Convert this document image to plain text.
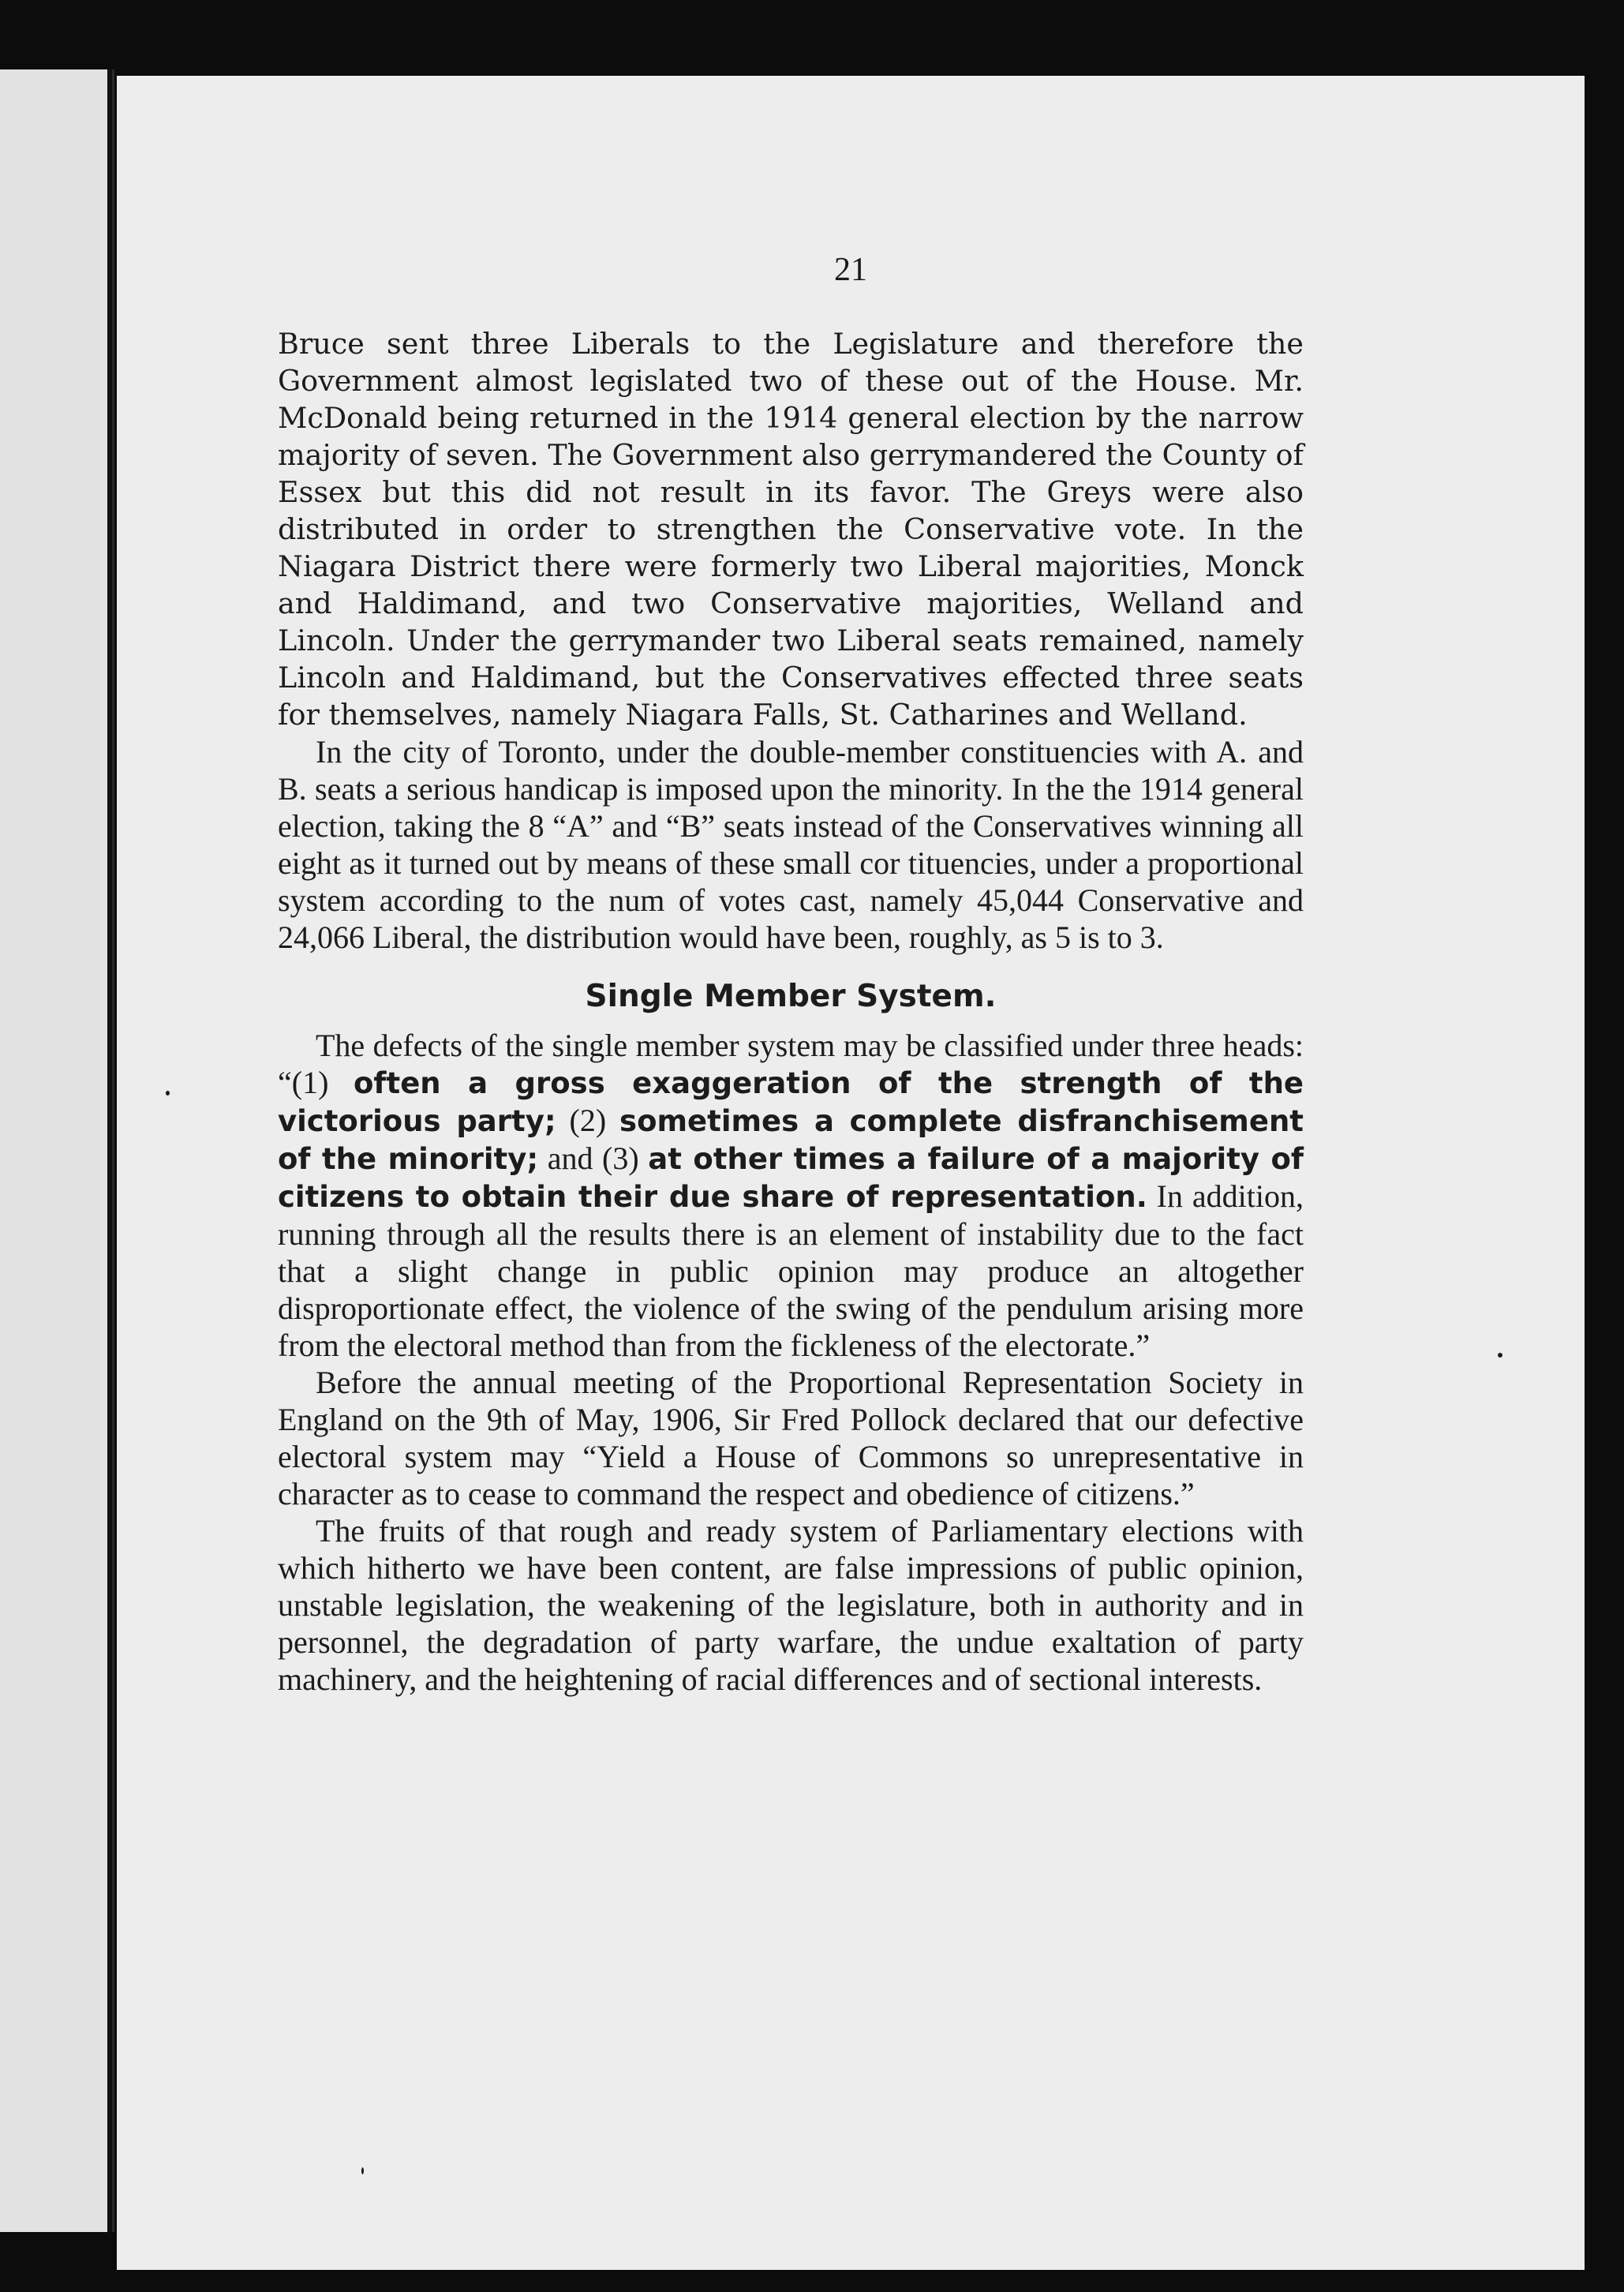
21

Bruce sent three Liberals to the Legislature and therefore the Government almost legislated two of these out of the House. Mr. McDonald being returned in the 1914 general election by the narrow majority of seven. The Government also gerrymandered the County of Essex but this did not result in its favor. The Greys were also distributed in order to strengthen the Conservative vote. In the Niagara District there were formerly two Liberal majorities, Monck and Haldimand, and two Conservative majorities, Welland and Lincoln. Under the gerrymander two Liberal seats remained, namely Lincoln and Haldimand, but the Conservatives effected three seats for themselves, namely Niagara Falls, St. Catharines and Welland.

In the city of Toronto, under the double-member constituencies with A. and B. seats a serious handicap is imposed upon the minority. In the the 1914 general election, taking the 8 “A” and “B” seats instead of the Conservatives winning all eight as it turned out by means of these small cor tituencies, under a proportional system according to the num of votes cast, namely 45,044 Conservative and 24,066 Liberal, the distribution would have been, roughly, as 5 is to 3.

Single Member System.

The defects of the single member system may be classified under three heads: “(1) often a gross exaggeration of the strength of the victorious party; (2) sometimes a complete disfranchisement of the minority; and (3) at other times a failure of a majority of citizens to obtain their due share of representation. In addition, running through all the results there is an element of instability due to the fact that a slight change in public opinion may produce an altogether disproportionate effect, the violence of the swing of the pendulum arising more from the electoral method than from the fickleness of the electorate.”

Before the annual meeting of the Proportional Representation Society in England on the 9th of May, 1906, Sir Fred Pollock declared that our defective electoral system may “Yield a House of Commons so unrepresentative in character as to cease to command the respect and obedience of citizens.”

The fruits of that rough and ready system of Parliamentary elections with which hitherto we have been content, are false impressions of public opinion, unstable legislation, the weakening of the legislature, both in authority and in personnel, the degradation of party warfare, the undue exaltation of party machinery, and the heightening of racial differences and of sectional interests.
